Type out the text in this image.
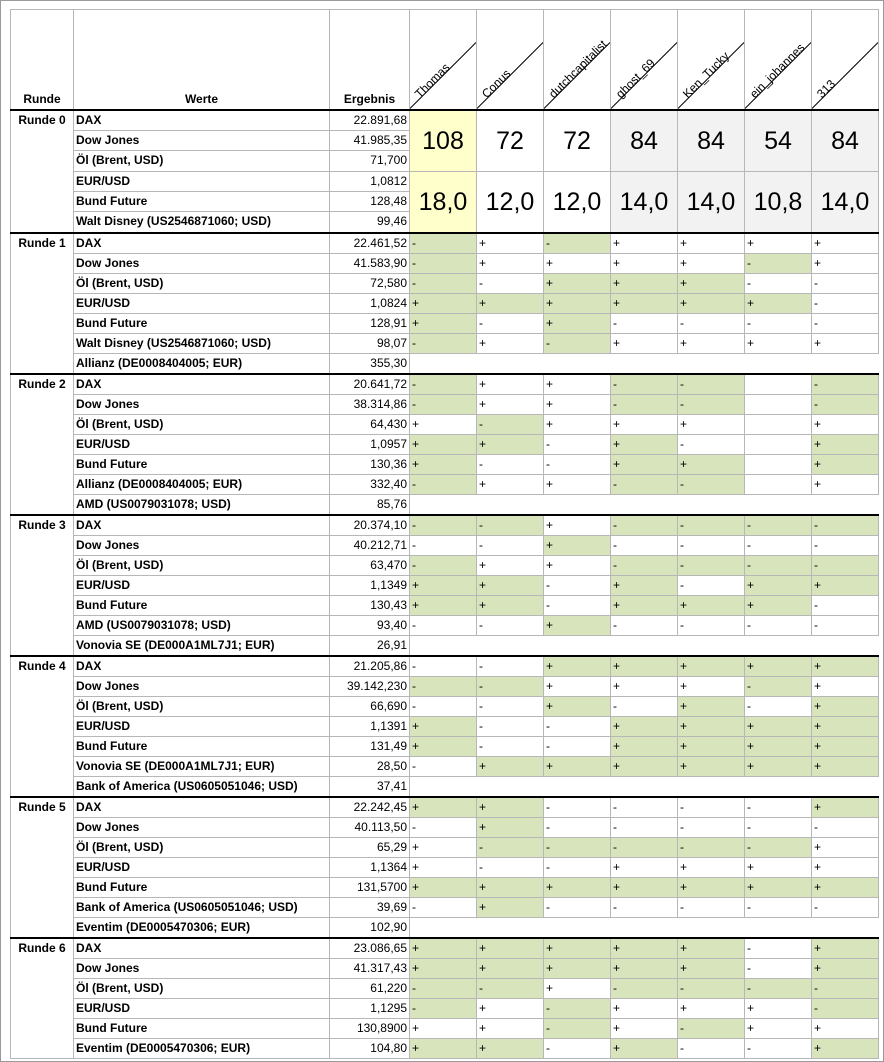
Runde	Werte	Ergebnis	Thomas	Conus	dutchcapitalist	ghost_69	Ken_Tucky	ein_johannes	313

Runde 0	DAX	22.891,68	108	72	72	84	84	54	84
	Dow Jones	41.985,35							
	Öl (Brent, USD)	71,700							
	EUR/USD	1,0812	18,0	12,0	12,0	14,0	14,0	10,8	14,0
	Bund Future	128,48							
	Walt Disney (US2546871060; USD)	99,46							
Runde 1	DAX	22.461,52	-	+	-	+	+	+	+
	Dow Jones	41.583,90	-	+	+	+	+	-	+
	Öl (Brent, USD)	72,580	-	-	+	+	+	-	-
	EUR/USD	1,0824	+	+	+	+	+	+	-
	Bund Future	128,91	+	-	+	-	-	-	-
	Walt Disney (US2546871060; USD)	98,07	-	+	-	+	+	+	+
	Allianz (DE0008404005; EUR)	355,30							
Runde 2	DAX	20.641,72	-	+	+	-	-		-
	Dow Jones	38.314,86	-	+	+	-	-		-
	Öl (Brent, USD)	64,430	+	-	+	+	+		+
	EUR/USD	1,0957	+	+	-	+	-		+
	Bund Future	130,36	+	-	-	+	+		+
	Allianz (DE0008404005; EUR)	332,40	-	+	+	-	-		+
	AMD (US0079031078; USD)	85,76							
Runde 3	DAX	20.374,10	-	-	+	-	-	-	-
	Dow Jones	40.212,71	-	-	+	-	-	-	-
	Öl (Brent, USD)	63,470	-	+	+	-	-	-	-
	EUR/USD	1,1349	+	+	-	+	-	+	+
	Bund Future	130,43	+	+	-	+	+	+	-
	AMD (US0079031078; USD)	93,40	-	-	+	-	-	-	-
	Vonovia SE (DE000A1ML7J1; EUR)	26,91							
Runde 4	DAX	21.205,86	-	-	+	+	+	+	+
	Dow Jones	39.142,230	-	-	+	+	+	-	+
	Öl (Brent, USD)	66,690	-	-	+	-	+	-	+
	EUR/USD	1,1391	+	-	-	+	+	+	+
	Bund Future	131,49	+	-	-	+	+	+	+
	Vonovia SE (DE000A1ML7J1; EUR)	28,50	-	+	+	+	+	+	+
	Bank of America (US0605051046; USD)	37,41							
Runde 5	DAX	22.242,45	+	+	-	-	-	-	+
	Dow Jones	40.113,50	-	+	-	-	-	-	-
	Öl (Brent, USD)	65,29	+	-	-	-	-	-	+
	EUR/USD	1,1364	+	-	-	+	+	+	+
	Bund Future	131,5700	+	+	+	+	+	+	+
	Bank of America (US0605051046; USD)	39,69	-	+	-	-	-	-	-
	Eventim (DE0005470306; EUR)	102,90							
Runde 6	DAX	23.086,65	+	+	+	+	+	-	+
	Dow Jones	41.317,43	+	+	+	+	+	-	+
	Öl (Brent, USD)	61,220	-	-	+	-	-	-	-
	EUR/USD	1,1295	-	+	-	+	+	+	-
	Bund Future	130,8900	+	+	-	+	-	+	+
	Eventim (DE0005470306; EUR)	104,80	+	+	-	+	-	-	+
